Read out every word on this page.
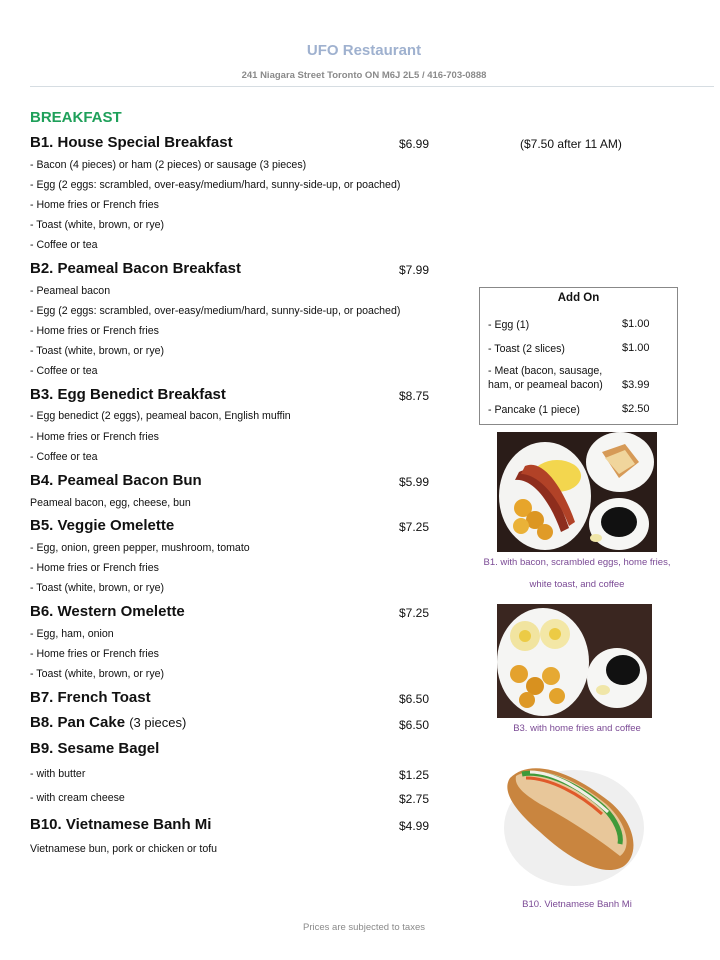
UFO Restaurant
241 Niagara Street Toronto ON M6J 2L5 / 416-703-0888
BREAKFAST
B1. House Special Breakfast	$6.99	($7.50 after 11 AM)
- Bacon (4 pieces) or ham (2 pieces) or sausage (3 pieces)
- Egg (2 eggs: scrambled, over-easy/medium/hard, sunny-side-up, or poached)
- Home fries or French fries
- Toast (white, brown, or rye)
- Coffee or tea
B2. Peameal Bacon Breakfast	$7.99
- Peameal bacon
- Egg (2 eggs: scrambled, over-easy/medium/hard, sunny-side-up, or poached)
- Home fries or French fries
- Toast (white, brown, or rye)
- Coffee or tea
B3. Egg Benedict Breakfast	$8.75
- Egg benedict (2 eggs), peameal bacon, English muffin
- Home fries or French fries
- Coffee or tea
B4. Peameal Bacon Bun	$5.99
Peameal bacon, egg, cheese, bun
B5. Veggie Omelette	$7.25
- Egg, onion, green pepper, mushroom, tomato
- Home fries or French fries
- Toast (white, brown, or rye)
B6. Western Omelette	$7.25
- Egg, ham, onion
- Home fries or French fries
- Toast (white, brown, or rye)
B7. French Toast	$6.50
B8. Pan Cake (3 pieces)	$6.50
B9. Sesame Bagel
- with butter	$1.25
- with cream cheese	$2.75
B10. Vietnamese Banh Mi	$4.99
Vietnamese bun, pork or chicken or tofu
Add On
- Egg (1)	$1.00
- Toast (2 slices)	$1.00
- Meat (bacon, sausage, ham, or peameal bacon)	$3.99
- Pancake (1 piece)	$2.50
B1. with bacon, scrambled eggs, home fries, white toast, and coffee
B3. with home fries and coffee
B10. Vietnamese Banh Mi
Prices are subjected to taxes
